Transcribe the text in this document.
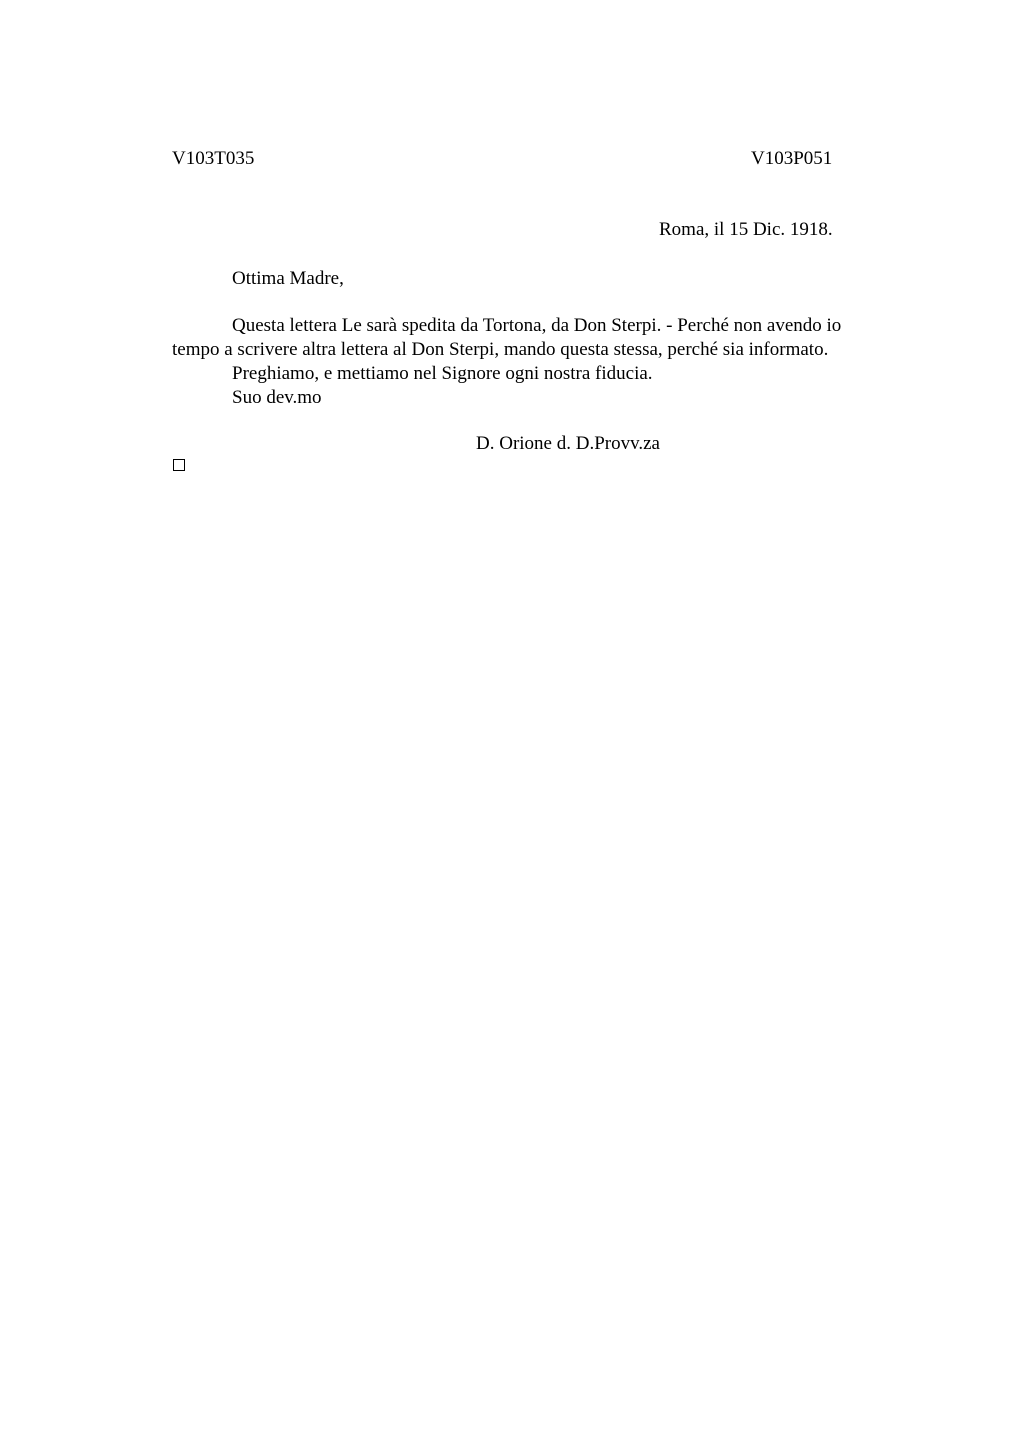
V103T035	V103P051
Roma, il 15 Dic. 1918.
Ottima Madre,
Questa lettera Le sarà spedita da Tortona, da Don Sterpi. - Perché non avendo io
tempo a scrivere altra lettera al Don Sterpi, mando questa stessa, perché sia informato.
Preghiamo, e mettiamo nel Signore ogni nostra fiducia.
Suo dev.mo
D. Orione d. D.Provv.za
